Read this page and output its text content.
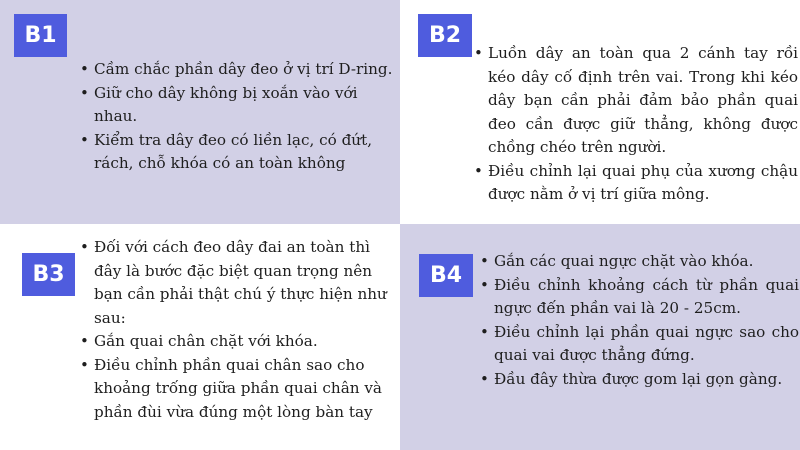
B1	B2
B3	B4
• Cầm chắc phần dây đeo ở vị trí D-ring.
• Giữ cho dây không bị xoắn vào với nhau.
• Kiểm tra dây đeo có liền lạc, có đứt, rách, chỗ khóa có an toàn không
• Luồn dây an toàn qua 2 cánh tay rồi kéo dây cố định trên vai. Trong khi kéo dây bạn cần phải đảm bảo phần quai đeo cần được giữ thẳng, không được chồng chéo trên người.
• Điều chỉnh lại quai phụ của xương chậu được nằm ở vị trí giữa mông.
• Đối với cách đeo dây đai an toàn thì đây là bước đặc biệt quan trọng nên bạn cần phải thật chú ý thực hiện như sau:
• Gắn quai chân chặt với khóa.
• Điều chỉnh phần quai chân sao cho khoảng trống giữa phần quai chân và phần đùi vừa đúng một lòng bàn tay
• Gắn các quai ngực chặt vào khóa.
• Điều chỉnh khoảng cách từ phần quai ngực đến phần vai là 20 - 25cm.
• Điều chỉnh lại phần quai ngực sao cho quai vai được thẳng đứng.
• Đầu đây thừa được gom lại gọn gàng.
